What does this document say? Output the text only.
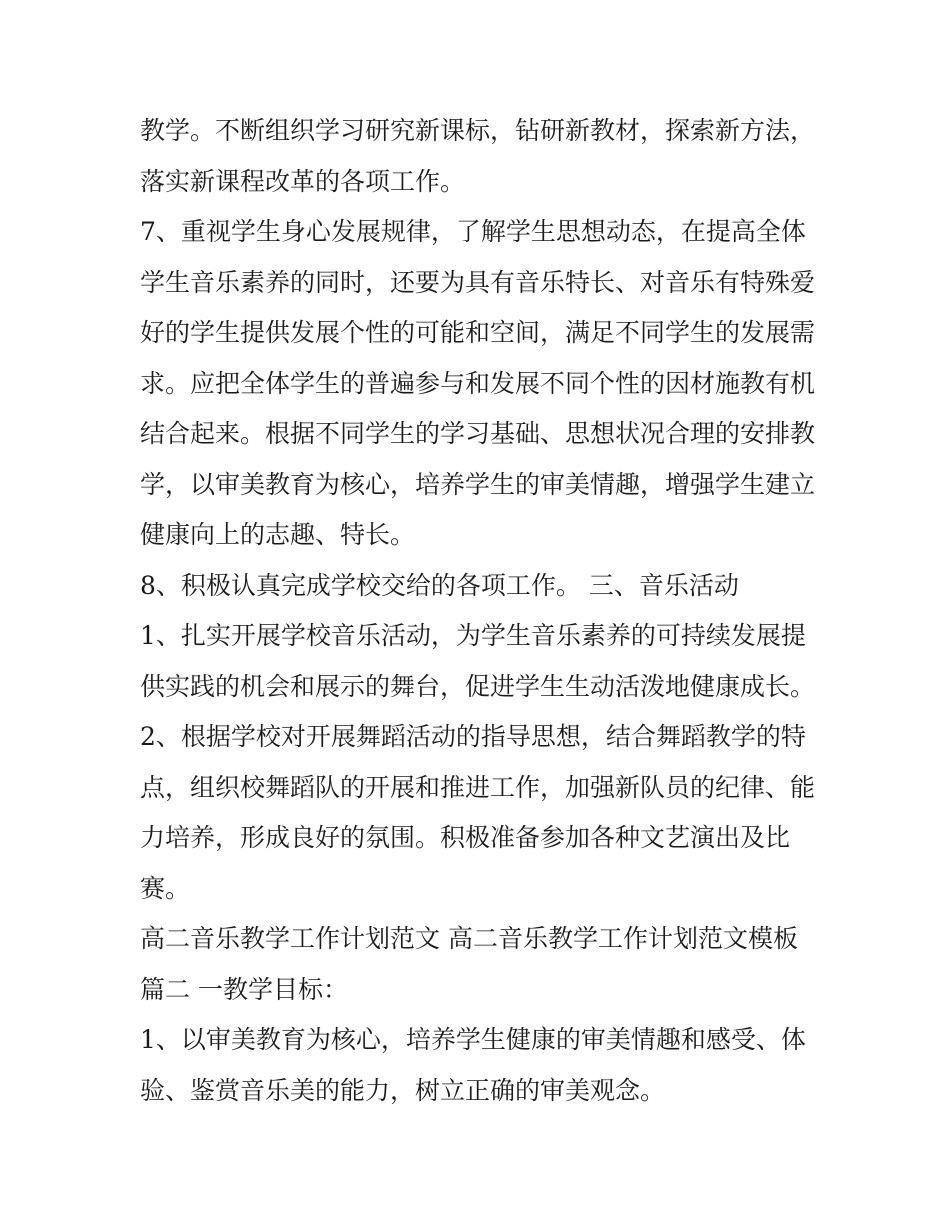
教学。不断组织学习研究新课标，钻研新教材，探索新方法，
落实新课程改革的各项工作。
7、重视学生身心发展规律，了解学生思想动态，在提高全体
学生音乐素养的同时，还要为具有音乐特长、对音乐有特殊爱
好的学生提供发展个性的可能和空间，满足不同学生的发展需
求。应把全体学生的普遍参与和发展不同个性的因材施教有机
结合起来。根据不同学生的学习基础、思想状况合理的安排教
学，以审美教育为核心，培养学生的审美情趣，增强学生建立
健康向上的志趣、特长。
8、积极认真完成学校交给的各项工作。 三、音乐活动
1、扎实开展学校音乐活动，为学生音乐素养的可持续发展提
供实践的机会和展示的舞台，促进学生生动活泼地健康成长。
2、根据学校对开展舞蹈活动的指导思想，结合舞蹈教学的特
点，组织校舞蹈队的开展和推进工作，加强新队员的纪律、能
力培养，形成良好的氛围。积极准备参加各种文艺演出及比
赛。
高二音乐教学工作计划范文 高二音乐教学工作计划范文模板
篇二 一教学目标：
1、以审美教育为核心，培养学生健康的审美情趣和感受、体
验、鉴赏音乐美的能力，树立正确的审美观念。
